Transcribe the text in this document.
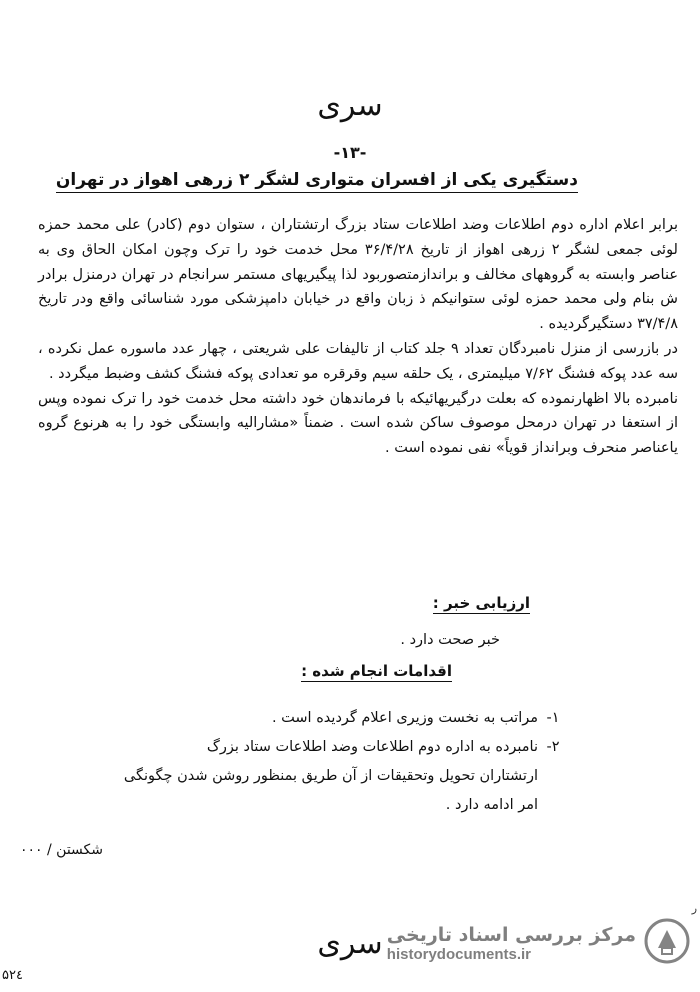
سری
-۱۳-
دستگیری یکی از افسران متواری لشگر ۲ زرهی اهواز در تهران

برابر اعلام اداره دوم اطلاعات وضد اطلاعات ستاد بزرگ ارتشتاران ، ستوان دوم (کادر) علی محمد حمزه لوئی جمعی لشگر ۲ زرهی اهواز از تاریخ ۳۶/۴/۲۸ محل خدمت خود را ترک وچون امکان الحاق وی به عناصر وابسته به گروههای مخالف و براندازمتصوربود لذا پیگیریهای مستمر سرانجام در تهران درمنزل برادر ش بنام ولی محمد حمزه لوئی ستوانیکم ذ زبان واقع در خیابان دامپزشکی مورد شناسائی واقع ودر تاریخ ۳۷/۴/۸ دستگیرگردیده .

در بازرسی از منزل نامبردگان تعداد ۹ جلد کتاب از تالیفات علی شریعتی ، چهار عدد ماسوره عمل نکرده ، سه عدد پوکه فشنگ ۷/۶۲ میلیمتری ، یک حلقه سیم وقرقره مو تعدادی پوکه فشنگ کشف وضبط میگردد .

نامبرده بالا اظهارنموده که بعلت درگیریهائیکه با فرماندهان خود داشته محل خدمت خود را ترک نموده وپس از استعفا در تهران درمحل موصوف ساکن شده است . ضمناً «مشارالیه وابستگی خود را به هرنوع گروه یاعناصر منحرف وبرانداز قویاً» نفی نموده است .

ارزیابی خبر :
خبر صحت دارد .
اقدامات انجام شده :
۱-
مراتب به نخست وزیری اعلام گردیده است .
۲-
نامبرده به اداره دوم اطلاعات وضد اطلاعات ستاد بزرگ
ارتشتاران تحویل وتحقیقات از آن طریق بمنظور روشن شدن چگونگی
امر ادامه دارد .
شکستن / ۰۰۰
ر
سری
۵۲٤
مرکز بررسی اسناد تاریخی
historydocuments.ir
